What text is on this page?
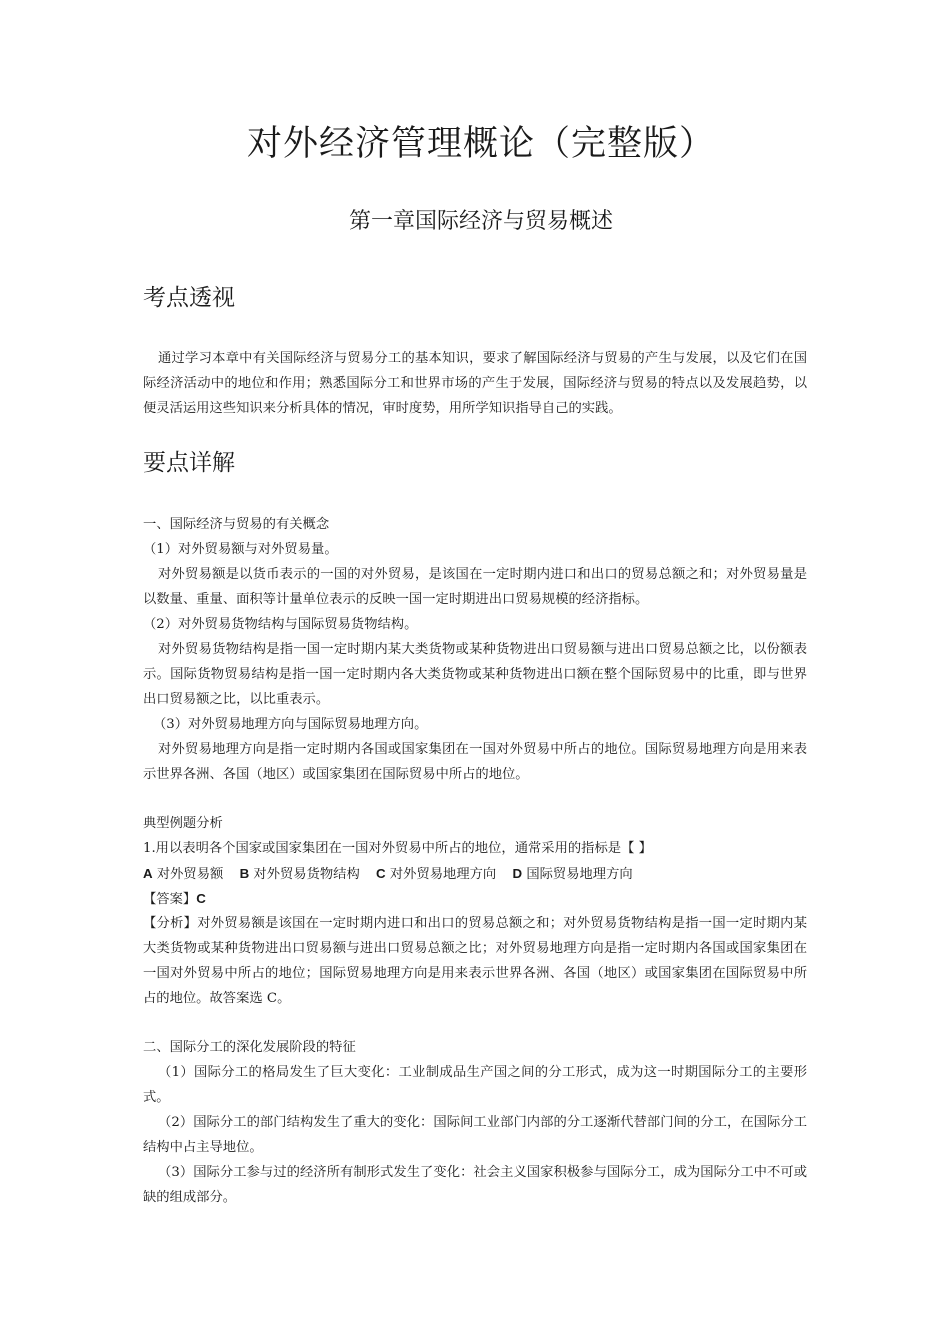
对外经济管理概论（完整版）
第一章国际经济与贸易概述
考点透视
通过学习本章中有关国际经济与贸易分工的基本知识，要求了解国际经济与贸易的产生与发展，以及它们在国际经济活动中的地位和作用；熟悉国际分工和世界市场的产生于发展，国际经济与贸易的特点以及发展趋势，以便灵活运用这些知识来分析具体的情况，审时度势，用所学知识指导自己的实践。
要点详解
一、国际经济与贸易的有关概念
（1）对外贸易额与对外贸易量。
对外贸易额是以货币表示的一国的对外贸易，是该国在一定时期内进口和出口的贸易总额之和；对外贸易量是以数量、重量、面积等计量单位表示的反映一国一定时期进出口贸易规模的经济指标。
（2）对外贸易货物结构与国际贸易货物结构。
对外贸易货物结构是指一国一定时期内某大类货物或某种货物进出口贸易额与进出口贸易总额之比，以份额表示。国际货物贸易结构是指一国一定时期内各大类货物或某种货物进出口额在整个国际贸易中的比重，即与世界出口贸易额之比，以比重表示。
（3）对外贸易地理方向与国际贸易地理方向。
对外贸易地理方向是指一定时期内各国或国家集团在一国对外贸易中所占的地位。国际贸易地理方向是用来表示世界各洲、各国（地区）或国家集团在国际贸易中所占的地位。
典型例题分析
1.用以表明各个国家或国家集团在一国对外贸易中所占的地位，通常采用的指标是【 】
A 对外贸易额 B 对外贸易货物结构 C 对外贸易地理方向 D 国际贸易地理方向
【答案】C
【分析】对外贸易额是该国在一定时期内进口和出口的贸易总额之和；对外贸易货物结构是指一国一定时期内某大类货物或某种货物进出口贸易额与进出口贸易总额之比；对外贸易地理方向是指一定时期内各国或国家集团在一国对外贸易中所占的地位；国际贸易地理方向是用来表示世界各洲、各国（地区）或国家集团在国际贸易中所占的地位。故答案选 C。
二、国际分工的深化发展阶段的特征
（1）国际分工的格局发生了巨大变化：工业制成品生产国之间的分工形式，成为这一时期国际分工的主要形式。
（2）国际分工的部门结构发生了重大的变化：国际间工业部门内部的分工逐渐代替部门间的分工，在国际分工结构中占主导地位。
（3）国际分工参与过的经济所有制形式发生了变化：社会主义国家积极参与国际分工，成为国际分工中不可或缺的组成部分。
